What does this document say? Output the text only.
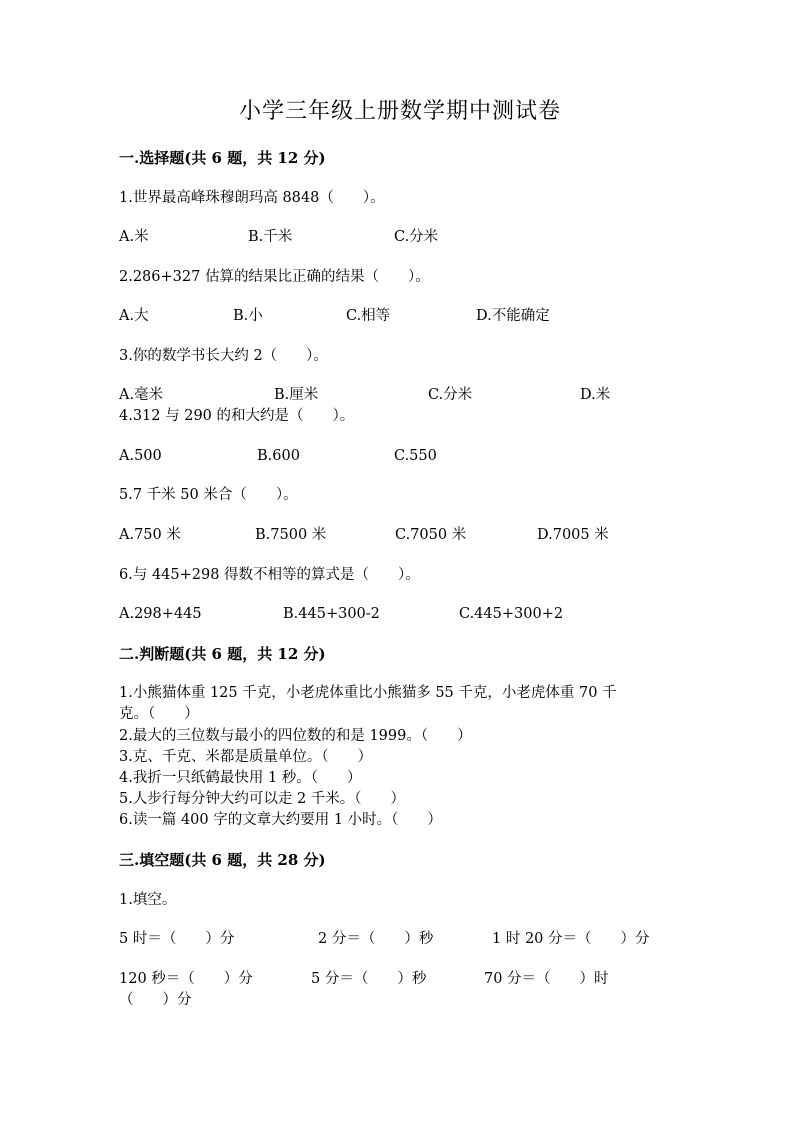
小学三年级上册数学期中测试卷
一.选择题(共 6 题，共 12 分)
1.世界最高峰珠穆朗玛高 8848（　　）。
A.米	B.千米	C.分米
2.286+327 估算的结果比正确的结果（　　）。
A.大	B.小	C.相等	D.不能确定
3.你的数学书长大约 2（　　）。
A.毫米	B.厘米	C.分米	D.米
4.312 与 290 的和大约是（　　）。
A.500	B.600	C.550
5.7 千米 50 米合（　　）。
A.750 米	B.7500 米	C.7050 米	D.7005 米
6.与 445+298 得数不相等的算式是（　　）。
A.298+445	B.445+300-2	C.445+300+2
二.判断题(共 6 题，共 12 分)
1.小熊猫体重 125 千克，小老虎体重比小熊猫多 55 千克，小老虎体重 70 千
克。（　　）
2.最大的三位数与最小的四位数的和是 1999。（　　）
3.克、千克、米都是质量单位。（　　）
4.我折一只纸鹤最快用 1 秒。（　　）
5.人步行每分钟大约可以走 2 千米。（　　）
6.读一篇 400 字的文章大约要用 1 小时。（　　）
三.填空题(共 6 题，共 28 分)
1.填空。
5 时＝（　　）分	2 分＝（　　）秒	1 时 20 分＝（　　）分
120 秒＝（　　）分	5 分＝（　　）秒	70 分＝（　　）时
（　　）分
